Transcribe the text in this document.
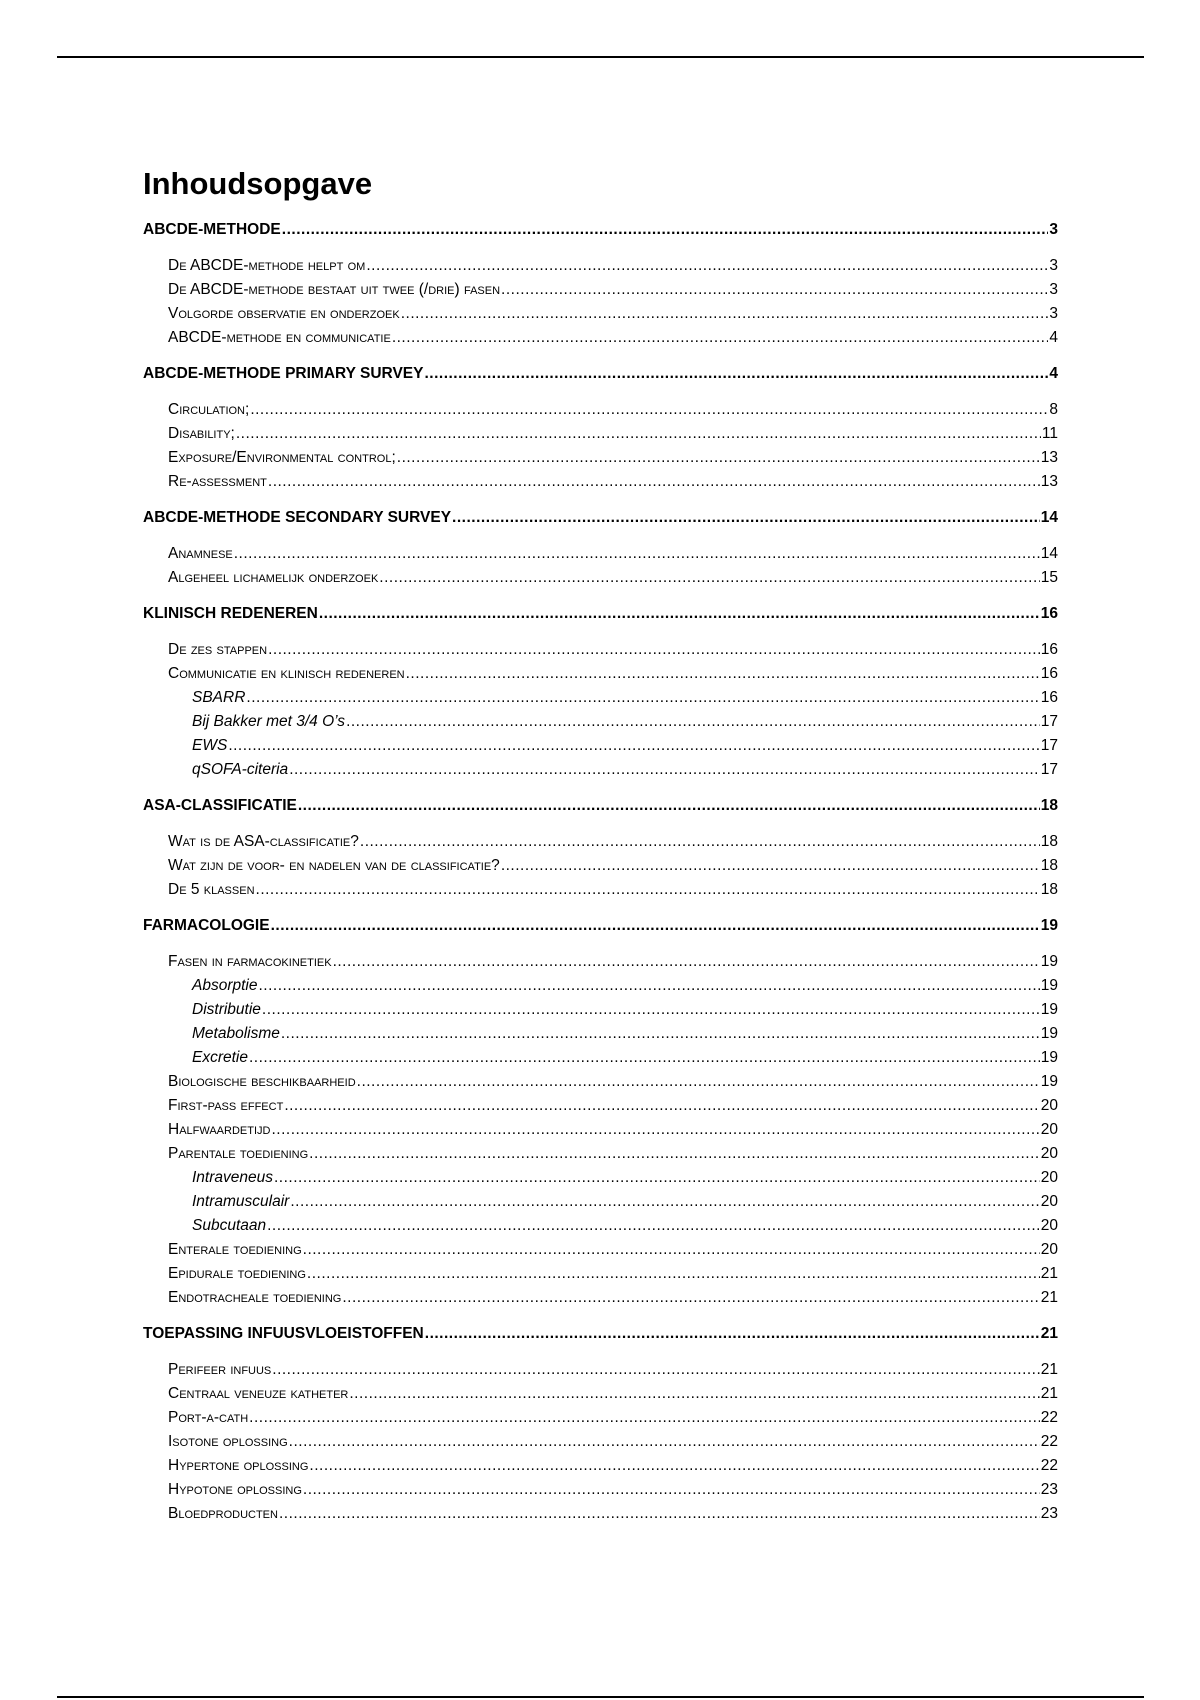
Inhoudsopgave
ABCDE-METHODE .....	3
De ABCDE-methode helpt om .....	3
De ABCDE-methode bestaat uit twee (/drie) fasen .....	3
Volgorde observatie en onderzoek .....	3
ABCDE-methode en communicatie .....	4
ABCDE-METHODE PRIMARY SURVEY .....	4
Circulation; .....	8
Disability; .....	11
Exposure/Environmental control; .....	13
Re-assessment .....	13
ABCDE-METHODE SECONDARY SURVEY .....	14
Anamnese .....	14
Algeheel lichamelijk onderzoek .....	15
KLINISCH REDENEREN .....	16
De zes stappen .....	16
Communicatie en klinisch redeneren .....	16
SBARR .....	16
Bij Bakker met 3/4 O’s .....	17
EWS .....	17
qSOFA-citeria .....	17
ASA-CLASSIFICATIE .....	18
Wat is de ASA-classificatie? .....	18
Wat zijn de voor- en nadelen van de classificatie? .....	18
De 5 klassen .....	18
FARMACOLOGIE .....	19
Fasen in farmacokinetiek .....	19
Absorptie .....	19
Distributie .....	19
Metabolisme .....	19
Excretie .....	19
Biologische beschikbaarheid .....	19
First-pass effect .....	20
Halfwaardetijd .....	20
Parentale toediening .....	20
Intraveneus .....	20
Intramusculair .....	20
Subcutaan .....	20
Enterale toediening .....	20
Epidurale toediening .....	21
Endotracheale toediening .....	21
TOEPASSING INFUUSVLOEISTOFFEN .....	21
Perifeer infuus .....	21
Centraal veneuze katheter .....	21
Port-a-cath .....	22
Isotone oplossing .....	22
Hypertone oplossing .....	22
Hypotone oplossing .....	23
Bloedproducten .....	23
